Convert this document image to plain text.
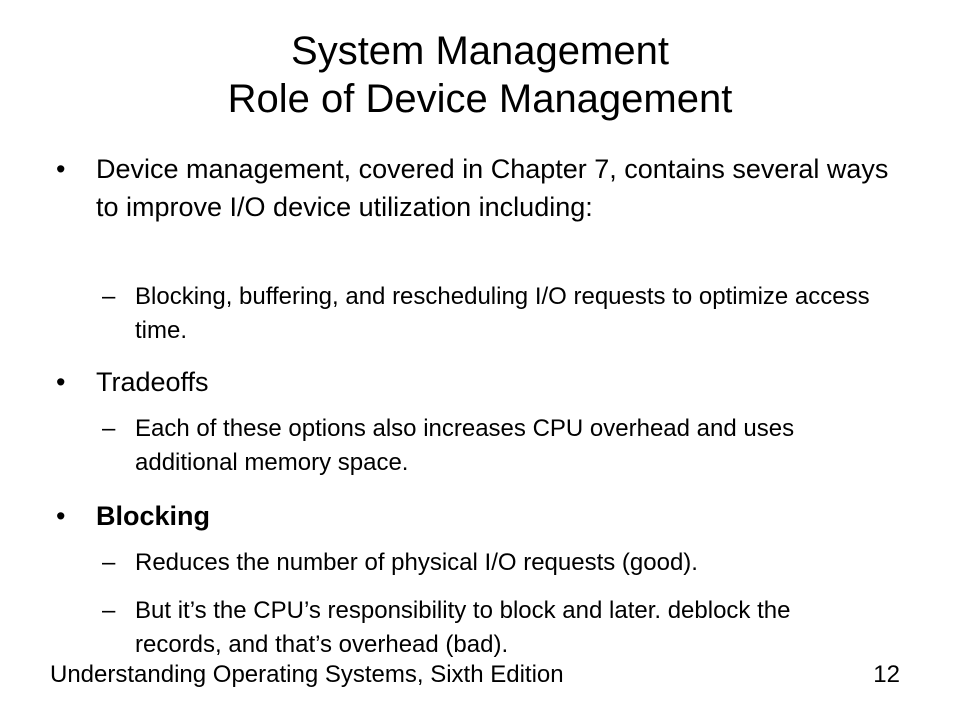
System Management
Role of Device Management
• Device management, covered in Chapter 7, contains several ways to improve I/O device utilization including:
– Blocking, buffering, and rescheduling I/O requests to optimize access time.
• Tradeoffs
– Each of these options also increases CPU overhead and uses additional memory space.
• Blocking
– Reduces the number of physical I/O requests (good).
– But it’s the CPU’s responsibility to block and later. deblock the records, and that’s overhead (bad).
Understanding Operating Systems, Sixth Edition	12
